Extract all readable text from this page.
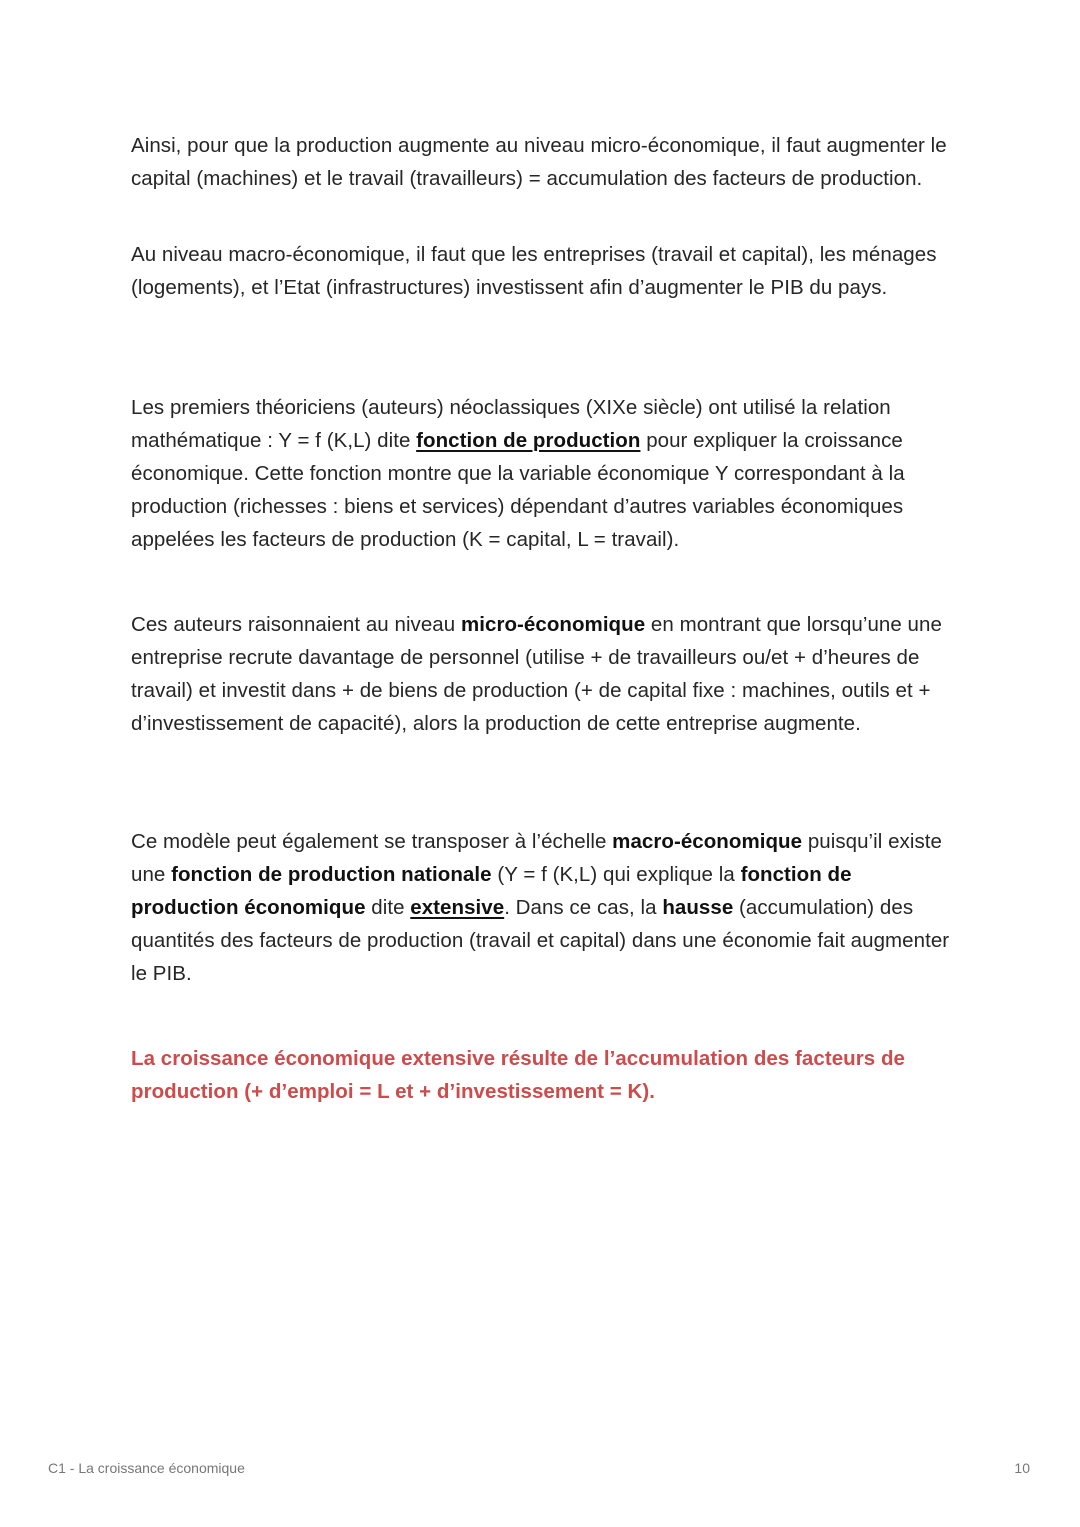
Ainsi, pour que la production augmente au niveau micro-économique, il faut augmenter le capital (machines) et le travail (travailleurs) = accumulation des facteurs de production.

Au niveau macro-économique, il faut que les entreprises (travail et capital), les ménages (logements), et l’Etat (infrastructures) investissent afin d’augmenter le PIB du pays.

Les premiers théoriciens (auteurs) néoclassiques (XIXe siècle) ont utilisé la relation mathématique : Y = f (K,L) dite fonction de production pour expliquer la croissance économique. Cette fonction montre que la variable économique Y correspondant à la production (richesses : biens et services) dépendant d’autres variables économiques appelées les facteurs de production (K = capital, L = travail).

Ces auteurs raisonnaient au niveau micro-économique en montrant que lorsqu’une une entreprise recrute davantage de personnel (utilise + de travailleurs ou/et + d’heures de travail) et investit dans + de biens de production (+ de capital fixe : machines, outils et + d’investissement de capacité), alors la production de cette entreprise augmente.

Ce modèle peut également se transposer à l’échelle macro-économique puisqu’il existe une fonction de production nationale (Y = f (K,L) qui explique la fonction de production économique dite extensive. Dans ce cas, la hausse (accumulation) des quantités des facteurs de production (travail et capital) dans une économie fait augmenter le PIB.

La croissance économique extensive résulte de l’accumulation des facteurs de production (+ d’emploi = L et + d’investissement = K).

C1 - La croissance économique	10
